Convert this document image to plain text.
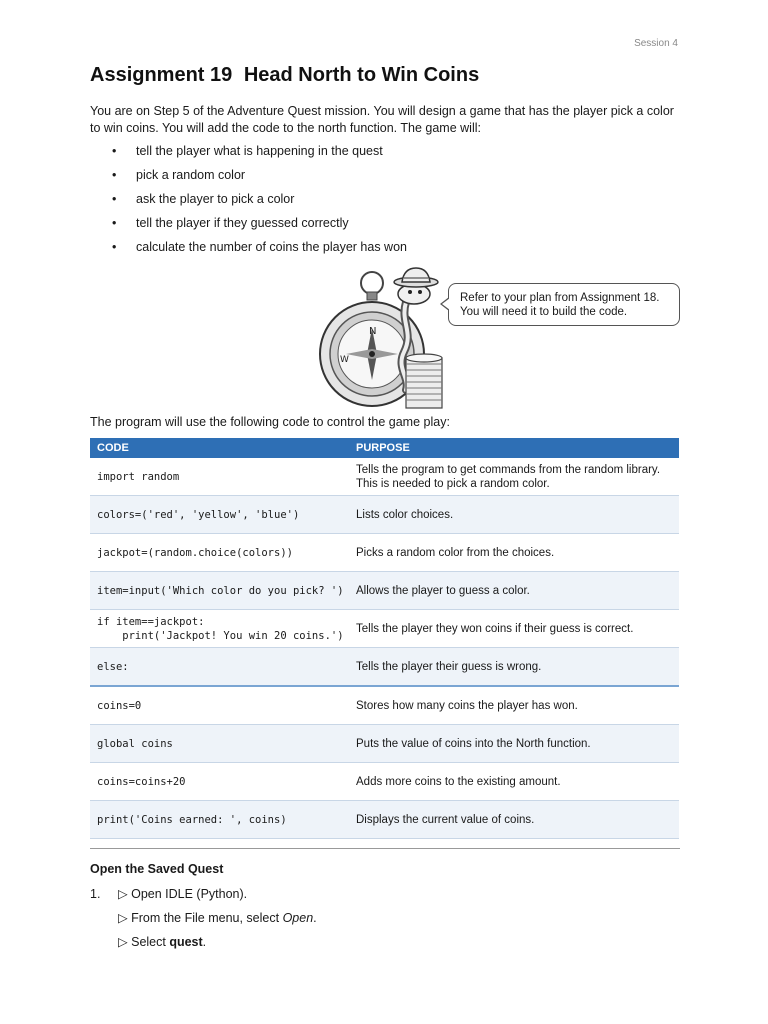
Session 4
Assignment 19 Head North to Win Coins

You are on Step 5 of the Adventure Quest mission. You will design a game that has the player pick a color to win coins. You will add the code to the north function. The game will:

• tell the player what is happening in the quest
• pick a random color
• ask the player to pick a color
• tell the player if they guessed correctly
• calculate the number of coins the player has won
N
E
W
Refer to your plan from Assignment 18.
You will need it to build the code.

The program will use the following code to control the game play:

CODE	PURPOSE
import random	Tells the program to get commands from the random library. This is needed to pick a random color.
colors=('red', 'yellow', 'blue')	Lists color choices.
jackpot=(random.choice(colors))	Picks a random color from the choices.
item=input('Which color do you pick? ')	Allows the player to guess a color.
if item==jackpot:
print('Jackpot! You win 20 coins.')	Tells the player they won coins if their guess is correct.
else:	Tells the player their guess is wrong.
coins=0	Stores how many coins the player has won.
global coins	Puts the value of coins into the North function.
coins=coins+20	Adds more coins to the existing amount.
print('Coins earned: ', coins)	Displays the current value of coins.
Open the Saved Quest
1. ▷ Open IDLE (Python).
▷ From the File menu, select Open.
▷ Select quest.
